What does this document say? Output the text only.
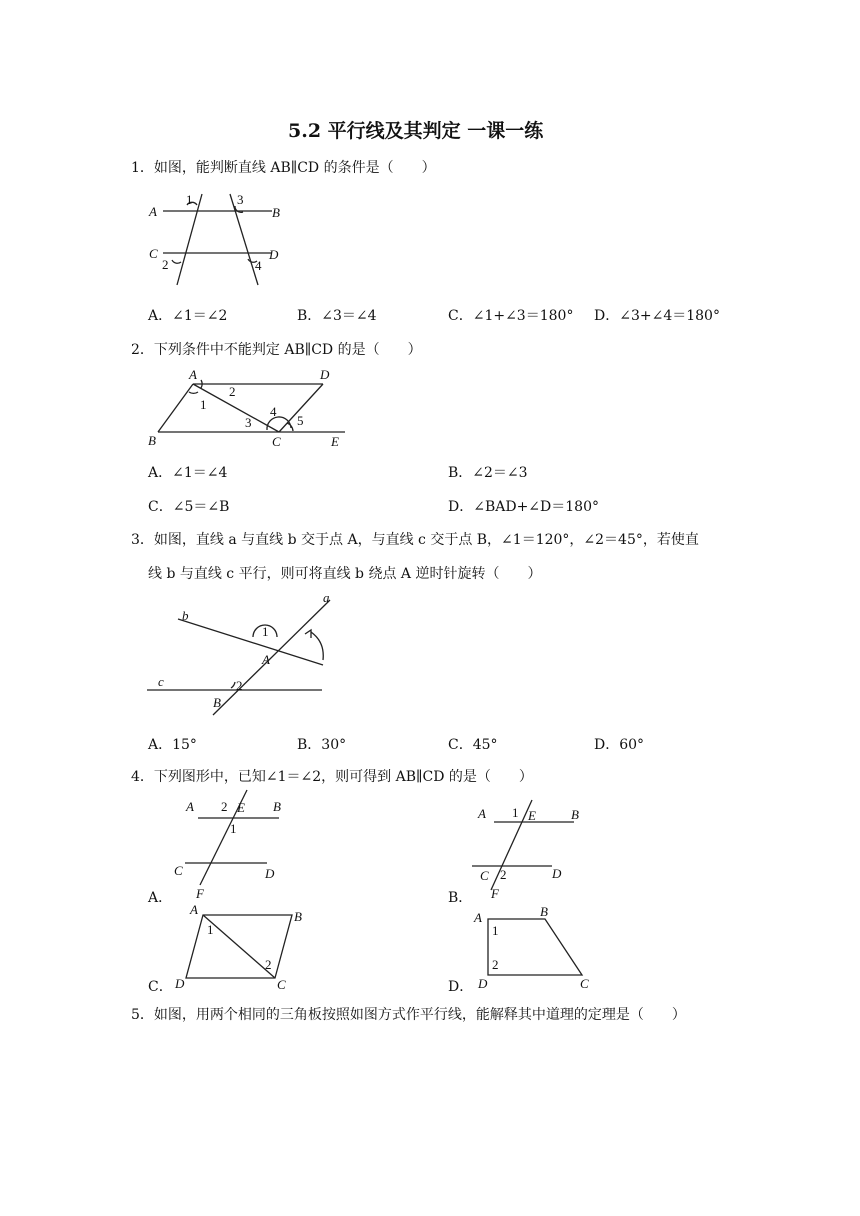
5.2 平行线及其判定 一课一练
1．如图，能判断直线 AB∥CD 的条件是（　　）
A	B
C	D
1
2
3
4
A．∠1＝∠2	B．∠3＝∠4	C．∠1+∠3＝180° D．∠3+∠4＝180°
2．下列条件中不能判定 AB∥CD 的是（　　）
A	D
B	C	E
1
2
3
4
5
A．∠1＝∠4	B．∠2＝∠3
C．∠5＝∠B	D．∠BAD+∠D＝180°
3．如图，直线 a 与直线 b 交于点 A，与直线 c 交于点 B，∠1＝120°，∠2＝45°，若使直
线 b 与直线 c 平行，则可将直线 b 绕点 A 逆时针旋转（　　）
a
b
c
A
B
1
2
A．15°	B．30°	C．45°	D．60°
4．下列图形中，已知∠1＝∠2，则可得到 AB∥CD 的是（　　）
A 2 E B
1
C	D
F
A．
A 1 E	B
C 2	D
F
B．
A	B
1
2
D	C
C．
A	B
1
2
D	C
D．
5．如图，用两个相同的三角板按照如图方式作平行线，能解释其中道理的定理是（　　）
